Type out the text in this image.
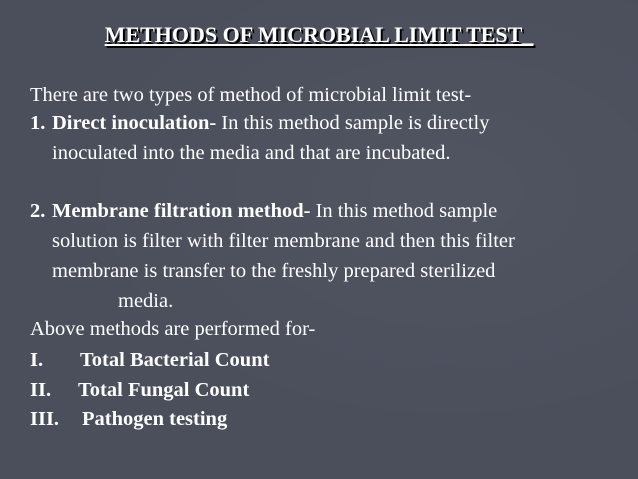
METHODS OF MICROBIAL LIMIT TEST_
There are two types of method of microbial limit test-
1. Direct inoculation- In this method sample is directly
inoculated into the media and that are incubated.
2. Membrane filtration method- In this method sample
solution is filter with filter membrane and then this filter
membrane is transfer to the freshly prepared sterilized
media.
Above methods are performed for-
I. Total Bacterial Count
II. Total Fungal Count
III. Pathogen testing
